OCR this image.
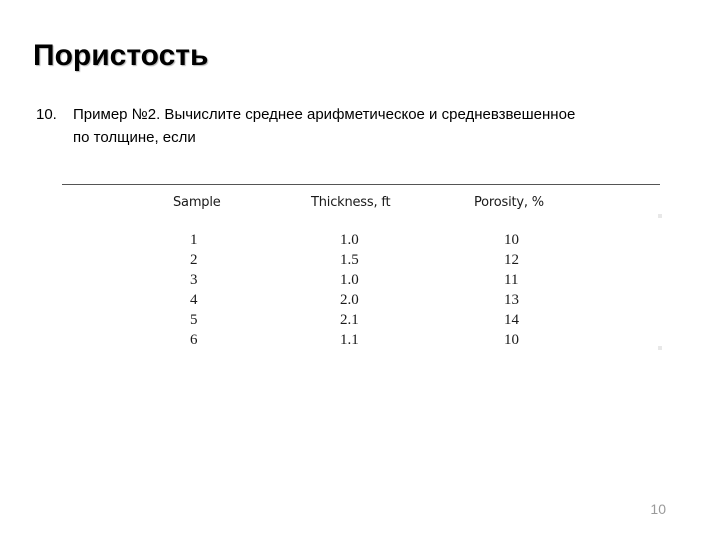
Пористость
10. Пример №2. Вычислите среднее арифметическое и средневзвешенное
по толщине, если
Sample	Thickness, ft	Porosity, %
1	1.0	10
2	1.5	12
3	1.0	11
4	2.0	13
5	2.1	14
6	1.1	10
10
